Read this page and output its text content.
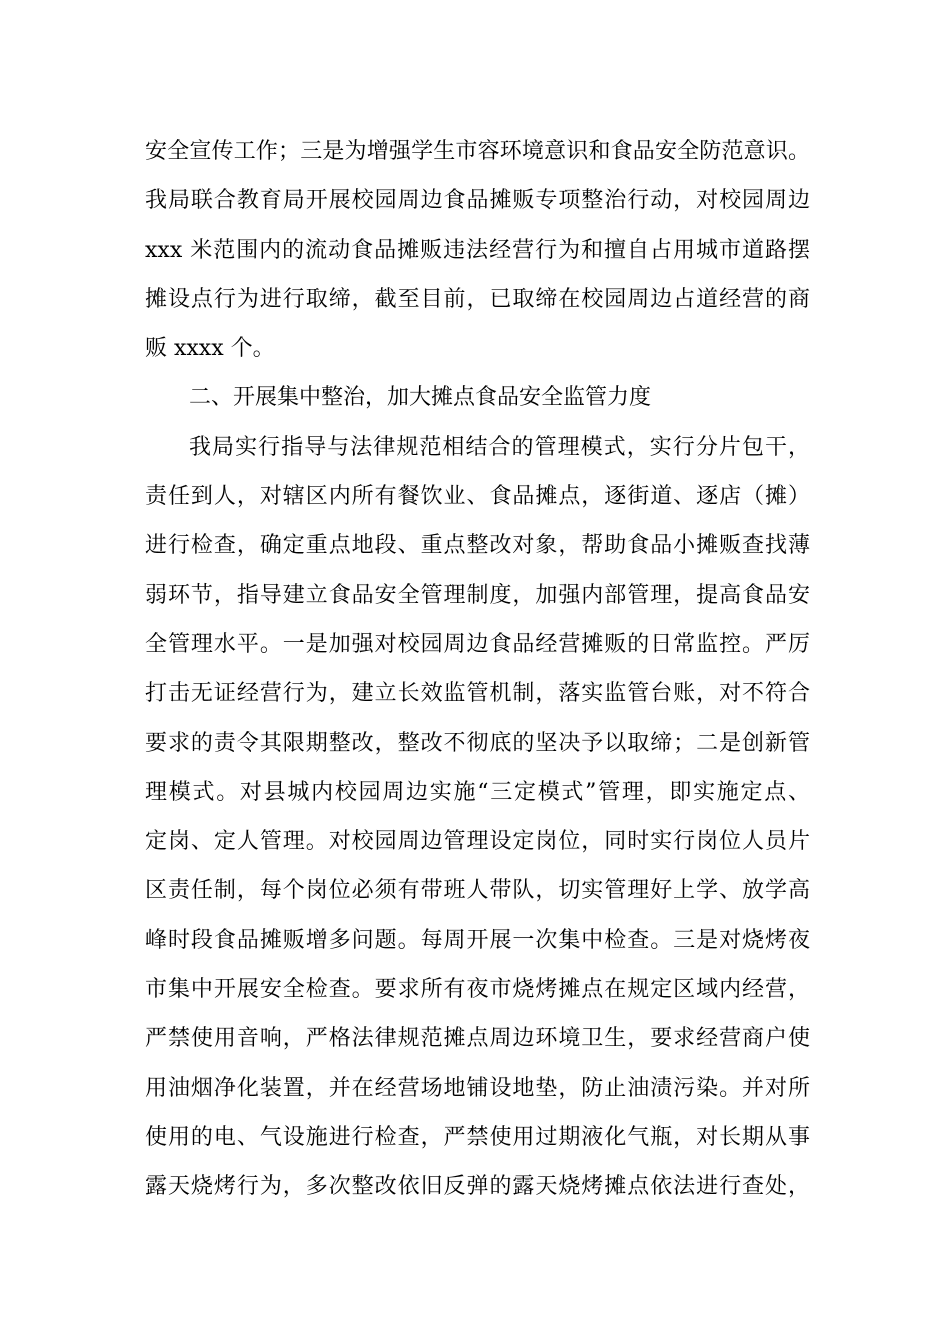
安全宣传工作；三是为增强学生市容环境意识和食品安全防范意识。
我局联合教育局开展校园周边食品摊贩专项整治行动，对校园周边
xxx 米范围内的流动食品摊贩违法经营行为和擅自占用城市道路摆
摊设点行为进行取缔，截至目前，已取缔在校园周边占道经营的商
贩 xxxx 个。
二、开展集中整治，加大摊点食品安全监管力度
我局实行指导与法律规范相结合的管理模式，实行分片包干，
责任到人，对辖区内所有餐饮业、食品摊点，逐街道、逐店（摊）
进行检查，确定重点地段、重点整改对象，帮助食品小摊贩查找薄
弱环节，指导建立食品安全管理制度，加强内部管理，提高食品安
全管理水平。一是加强对校园周边食品经营摊贩的日常监控。严厉
打击无证经营行为，建立长效监管机制，落实监管台账，对不符合
要求的责令其限期整改，整改不彻底的坚决予以取缔；二是创新管
理模式。对县城内校园周边实施“三定模式”管理，即实施定点、
定岗、定人管理。对校园周边管理设定岗位，同时实行岗位人员片
区责任制，每个岗位必须有带班人带队，切实管理好上学、放学高
峰时段食品摊贩增多问题。每周开展一次集中检查。三是对烧烤夜
市集中开展安全检查。要求所有夜市烧烤摊点在规定区域内经营，
严禁使用音响，严格法律规范摊点周边环境卫生，要求经营商户使
用油烟净化装置，并在经营场地铺设地垫，防止油渍污染。并对所
使用的电、气设施进行检查，严禁使用过期液化气瓶，对长期从事
露天烧烤行为，多次整改依旧反弹的露天烧烤摊点依法进行查处，
